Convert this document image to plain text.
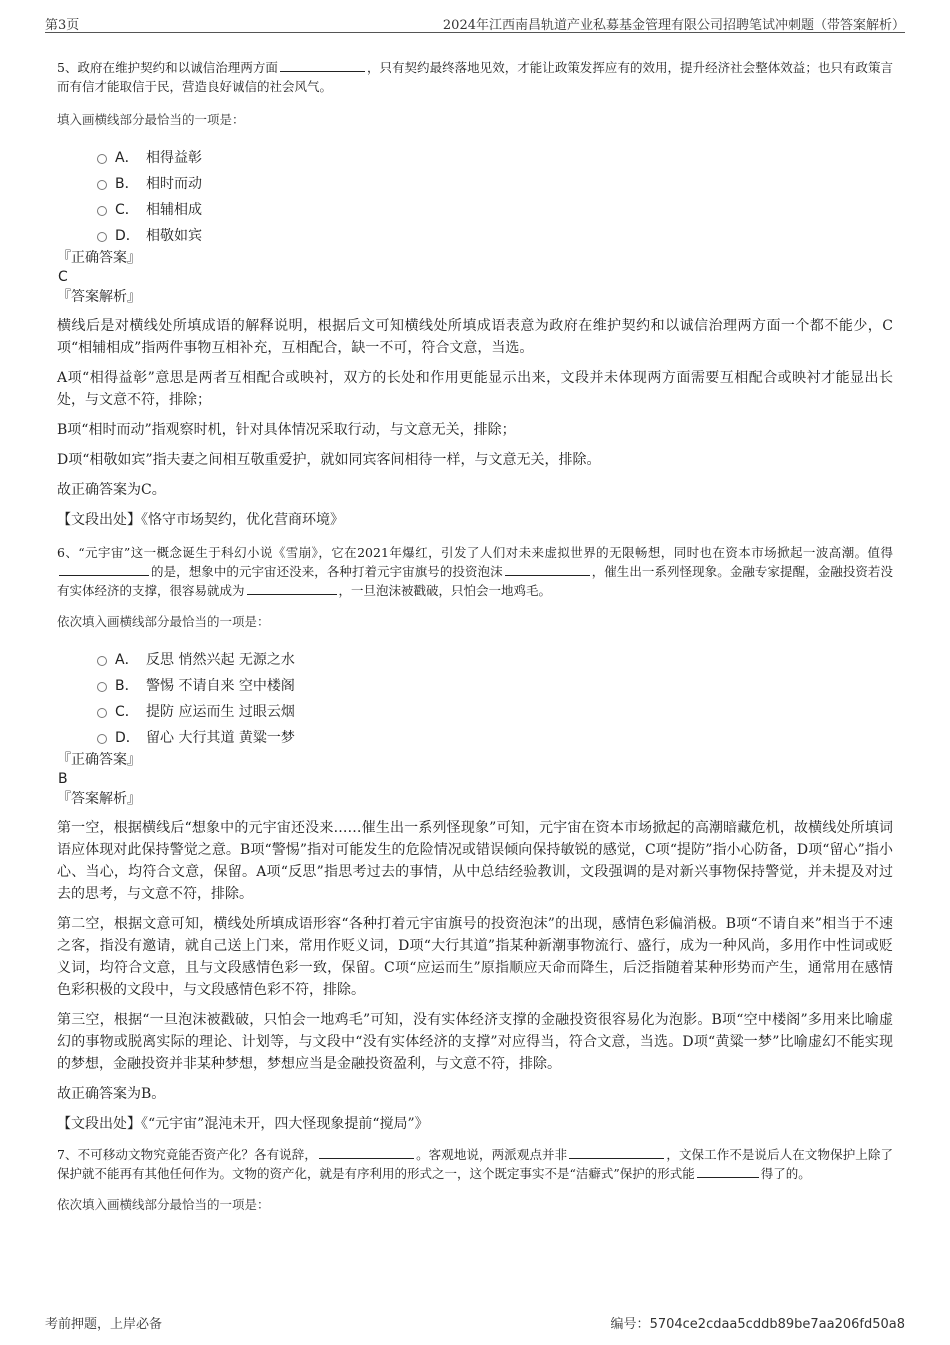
第3页	2024年江西南昌轨道产业私募基金管理有限公司招聘笔试冲刺题（带答案解析）

5、政府在维护契约和以诚信治理两方面	，只有契约最终落地见效，才能让政策发挥应有的效用，提升经济社会整体效益；也只有政策言而有信才能取信于民，营造良好诚信的社会风气。

填入画横线部分最恰当的一项是：

A． 相得益彰
B． 相时而动
C． 相辅相成
D． 相敬如宾

『正确答案』

C

『答案解析』

横线后是对横线处所填成语的解释说明，根据后文可知横线处所填成语表意为政府在维护契约和以诚信治理两方面一个都不能少，C项“相辅相成”指两件事物互相补充，互相配合，缺一不可，符合文意，当选。

A项“相得益彰”意思是两者互相配合或映衬，双方的长处和作用更能显示出来，文段并未体现两方面需要互相配合或映衬才能显出长处，与文意不符，排除；

B项“相时而动”指观察时机，针对具体情况采取行动，与文意无关，排除；

D项“相敬如宾”指夫妻之间相互敬重爱护，就如同宾客间相待一样，与文意无关，排除。

故正确答案为C。

【文段出处】《恪守市场契约，优化营商环境》

6、“元宇宙”这一概念诞生于科幻小说《雪崩》，它在2021年爆红，引发了人们对未来虚拟世界的无限畅想，同时也在资本市场掀起一波高潮。值得的是，想象中的元宇宙还没来，各种打着元宇宙旗号的投资泡沫	，催生出一系列怪现象。金融专家提醒，金融投资若没有实体经济的支撑，很容易就成为	，一旦泡沫被戳破，只怕会一地鸡毛。

依次填入画横线部分最恰当的一项是：

A． 反思 悄然兴起 无源之水
B． 警惕 不请自来 空中楼阁
C． 提防 应运而生 过眼云烟
D． 留心 大行其道 黄粱一梦

『正确答案』

B

『答案解析』

第一空，根据横线后“想象中的元宇宙还没来……催生出一系列怪现象”可知，元宇宙在资本市场掀起的高潮暗藏危机，故横线处所填词语应体现对此保持警觉之意。B项“警惕”指对可能发生的危险情况或错误倾向保持敏锐的感觉，C项“提防”指小心防备，D项“留心”指小心、当心，均符合文意，保留。A项“反思”指思考过去的事情，从中总结经验教训，文段强调的是对新兴事物保持警觉，并未提及对过去的思考，与文意不符，排除。

第二空，根据文意可知，横线处所填成语形容“各种打着元宇宙旗号的投资泡沫”的出现，感情色彩偏消极。B项“不请自来”相当于不速之客，指没有邀请，就自己送上门来，常用作贬义词，D项“大行其道”指某种新潮事物流行、盛行，成为一种风尚，多用作中性词或贬义词，均符合文意，且与文段感情色彩一致，保留。C项“应运而生”原指顺应天命而降生，后泛指随着某种形势而产生，通常用在感情色彩积极的文段中，与文段感情色彩不符，排除。

第三空，根据“一旦泡沫被戳破，只怕会一地鸡毛”可知，没有实体经济支撑的金融投资很容易化为泡影。B项“空中楼阁”多用来比喻虚幻的事物或脱离实际的理论、计划等，与文段中“没有实体经济的支撑”对应得当，符合文意，当选。D项“黄粱一梦”比喻虚幻不能实现的梦想，金融投资并非某种梦想，梦想应当是金融投资盈利，与文意不符，排除。

故正确答案为B。

【文段出处】《“元宇宙”混沌未开，四大怪现象提前“搅局”》

7、不可移动文物究竟能否资产化？各有说辞，	。客观地说，两派观点并非	，文保工作不是说后人在文物保护上除了保护就不能再有其他任何作为。文物的资产化，就是有序利用的形式之一，这个既定事实不是“洁癖式”保护的形式能	得了的。

依次填入画横线部分最恰当的一项是：

考前押题，上岸必备	编号：5704ce2cdaa5cddb89be7aa206fd50a8
